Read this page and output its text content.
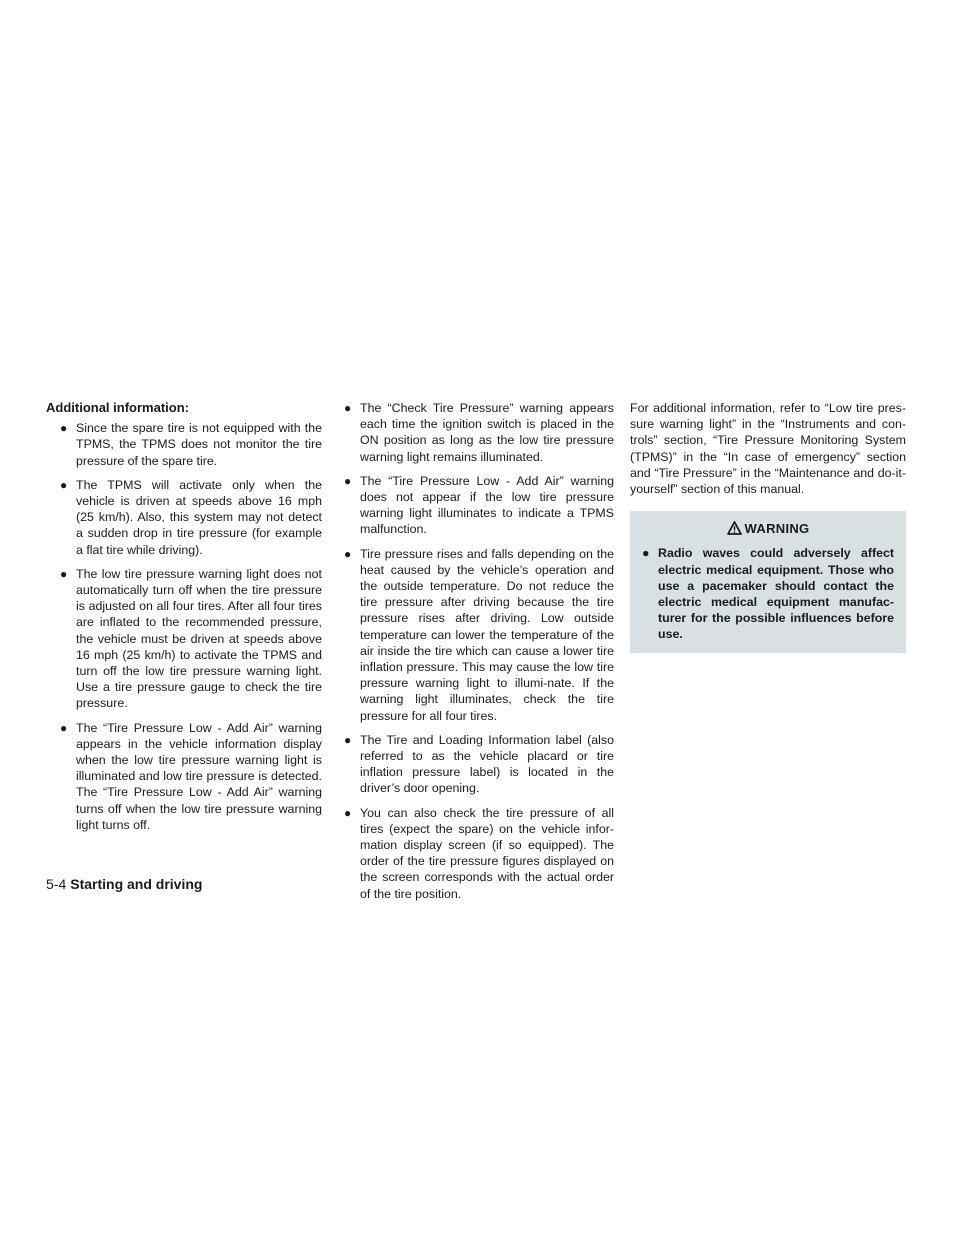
Additional information:
● Since the spare tire is not equipped with the TPMS, the TPMS does not monitor the tire pressure of the spare tire.
● The TPMS will activate only when the vehicle is driven at speeds above 16 mph (25 km/h). Also, this system may not detect a sudden drop in tire pressure (for example a flat tire while driving).
● The low tire pressure warning light does not automatically turn off when the tire pressure is adjusted on all four tires. After all four tires are inflated to the recommended pressure, the vehicle must be driven at speeds above 16 mph (25 km/h) to activate the TPMS and turn off the low tire pressure warning light. Use a tire pressure gauge to check the tire pressure.
● The “Tire Pressure Low - Add Air” warning appears in the vehicle information display when the low tire pressure warning light is illuminated and low tire pressure is detected. The “Tire Pressure Low - Add Air” warning turns off when the low tire pressure warning light turns off.
● The “Check Tire Pressure” warning appears each time the ignition switch is placed in the ON position as long as the low tire pressure warning light remains illuminated.
● The “Tire Pressure Low - Add Air” warning does not appear if the low tire pressure warning light illuminates to indicate a TPMS malfunction.
● Tire pressure rises and falls depending on the heat caused by the vehicle’s operation and the outside temperature. Do not reduce the tire pressure after driving because the tire pressure rises after driving. Low outside temperature can lower the temperature of the air inside the tire which can cause a lower tire inflation pressure. This may cause the low tire pressure warning light to illumi-nate. If the warning light illuminates, check the tire pressure for all four tires.
● The Tire and Loading Information label (also referred to as the vehicle placard or tire inflation pressure label) is located in the driver’s door opening.
● You can also check the tire pressure of all tires (expect the spare) on the vehicle infor-mation display screen (if so equipped). The order of the tire pressure figures displayed on the screen corresponds with the actual order of the tire position.

For additional information, refer to “Low tire pres-sure warning light” in the “Instruments and con-trols” section, “Tire Pressure Monitoring System (TPMS)” in the “In case of emergency” section and “Tire Pressure” in the “Maintenance and do-it-yourself” section of this manual.

WARNING
● Radio waves could adversely affect electric medical equipment. Those who use a pacemaker should contact the electric medical equipment manufac-turer for the possible influences before use.
5-4 Starting and driving
